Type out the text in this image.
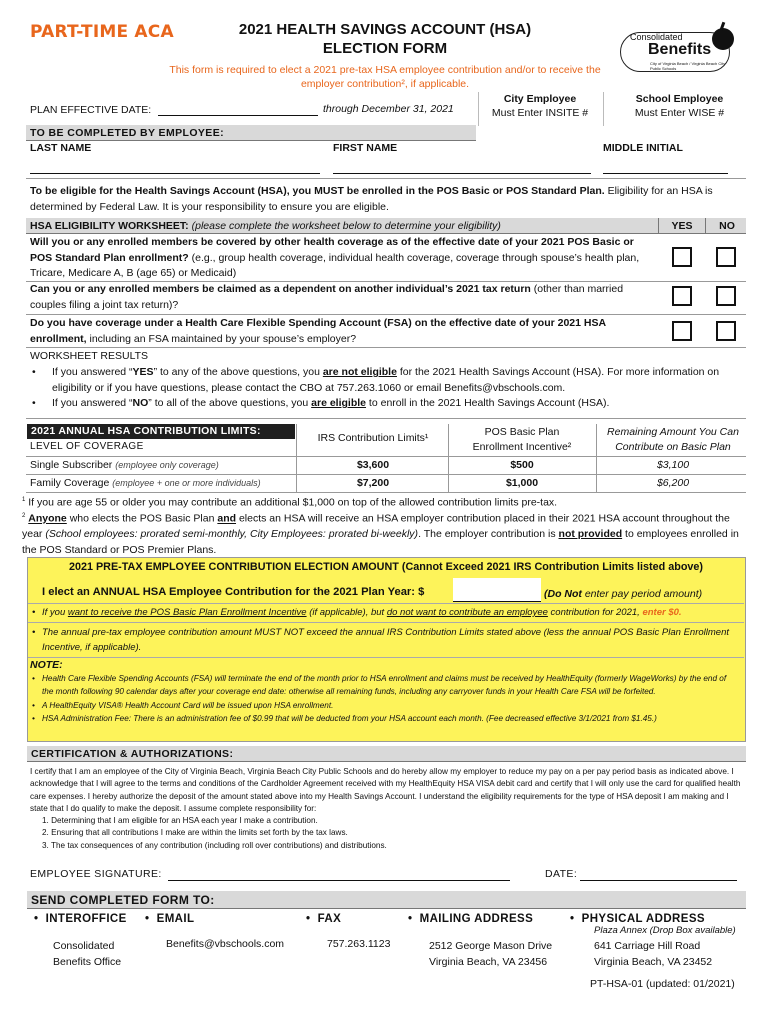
PART-TIME ACA	2021 HEALTH SAVINGS ACCOUNT (HSA)
ELECTION FORM
This form is required to elect a 2021 pre-tax HSA employee contribution and/or to receive the
employer contribution², if applicable.
Consolidated
Benefits
City of Virginia Beach / Virginia Beach City Public Schools
PLAN EFFECTIVE DATE:	through December 31, 2021
City Employee
Must Enter INSITE #
School Employee
Must Enter WISE #
TO BE COMPLETED BY EMPLOYEE:
LAST NAME	FIRST NAME	MIDDLE INITIAL
To be eligible for the Health Savings Account (HSA), you MUST be enrolled in the POS Basic or POS Standard Plan. Eligibility for an HSA is determined by Federal Law. It is your responsibility to ensure you are eligible.
HSA ELIGIBILITY WORKSHEET: (please complete the worksheet below to determine your eligibility)	YES	NO
Will you or any enrolled members be covered by other health coverage as of the effective date of your 2021 POS Basic or POS Standard Plan enrollment? (e.g., group health coverage, individual health coverage, coverage through spouse’s health plan, Tricare, Medicare A, B (age 65) or Medicaid)
Can you or any enrolled members be claimed as a dependent on another individual’s 2021 tax return (other than married couples filing a joint tax return)?
Do you have coverage under a Health Care Flexible Spending Account (FSA) on the effective date of your 2021 HSA enrollment, including an FSA maintained by your spouse’s employer?
WORKSHEET RESULTS
• If you answered “YES” to any of the above questions, you are not eligible for the 2021 Health Savings Account (HSA). For more information on eligibility or if you have questions, please contact the CBO at 757.263.1060 or email Benefits@vbschools.com.
• If you answered “NO” to all of the above questions, you are eligible to enroll in the 2021 Health Savings Account (HSA).
2021 ANNUAL HSA CONTRIBUTION LIMITS:
LEVEL OF COVERAGE
IRS Contribution Limits¹	POS Basic Plan
Enrollment Incentive²
Remaining Amount You Can
Contribute on Basic Plan
Single Subscriber (employee only coverage)	$3,600	$500	$3,100
Family Coverage (employee + one or more individuals)	$7,200	$1,000	$6,200
$^1$ If you are age 55 or older you may contribute an additional $1,000 on top of the allowed contribution limits pre-tax.
$^2$ Anyone who elects the POS Basic Plan and elects an HSA will receive an HSA employer contribution placed in their 2021 HSA account throughout the year (School employees: prorated semi-monthly, City Employees: prorated bi-weekly). The employer contribution is not provided to employees enrolled in the POS Standard or POS Premier Plans.
2021 PRE-TAX EMPLOYEE CONTRIBUTION ELECTION AMOUNT (Cannot Exceed 2021 IRS Contribution Limits listed above)
I elect an ANNUAL HSA Employee Contribution for the 2021 Plan Year: $	(Do Not enter pay period amount)
• If you want to receive the POS Basic Plan Enrollment Incentive (if applicable), but do not want to contribute an employee contribution for 2021, enter $0.
• The annual pre-tax employee contribution amount MUST NOT exceed the annual IRS Contribution Limits stated above (less the annual POS Basic Plan Enrollment Incentive, if applicable).
NOTE:
• Health Care Flexible Spending Accounts (FSA) will terminate the end of the month prior to HSA enrollment and claims must be received by HealthEquity (formerly WageWorks) by the end of the month following 90 calendar days after your coverage end date: otherwise all remaining funds, including any carryover funds in your Health Care FSA will be forfeited.
• A HealthEquity VISA® Health Account Card will be issued upon HSA enrollment.
• HSA Administration Fee: There is an administration fee of $0.99 that will be deducted from your HSA account each month. (Fee decreased effective 3/1/2021 from $1.45.)
CERTIFICATION & AUTHORIZATIONS:
I certify that I am an employee of the City of Virginia Beach, Virginia Beach City Public Schools and do hereby allow my employer to reduce my pay on a per pay period basis as indicated above. I acknowledge that I will agree to the terms and conditions of the Cardholder Agreement received with my HealthEquity HSA VISA debit card and certify that I will only use the card for qualified health care expenses. I hereby authorize the deposit of the amount stated above into my Health Savings Account. I understand the eligibility requirements for the type of HSA deposit I am making and I state that I do qualify to make the deposit. I assume complete responsibility for:
1. Determining that I am eligible for an HSA each year I make a contribution.
2. Ensuring that all contributions I make are within the limits set forth by the tax laws.
3. The tax consequences of any contribution (including roll over contributions) and distributions.
EMPLOYEE SIGNATURE:	DATE:
SEND COMPLETED FORM TO:
•  INTEROFFICE •  EMAIL	•  FAX	•  MAILING ADDRESS	•  PHYSICAL ADDRESS
Plaza Annex (Drop Box available)
Consolidated
Benefits Office
Benefits@vbschools.com	757.263.1123	2512 George Mason Drive
Virginia Beach, VA 23456
641 Carriage Hill Road
Virginia Beach, VA 23452
PT-HSA-01 (updated: 01/2021)
